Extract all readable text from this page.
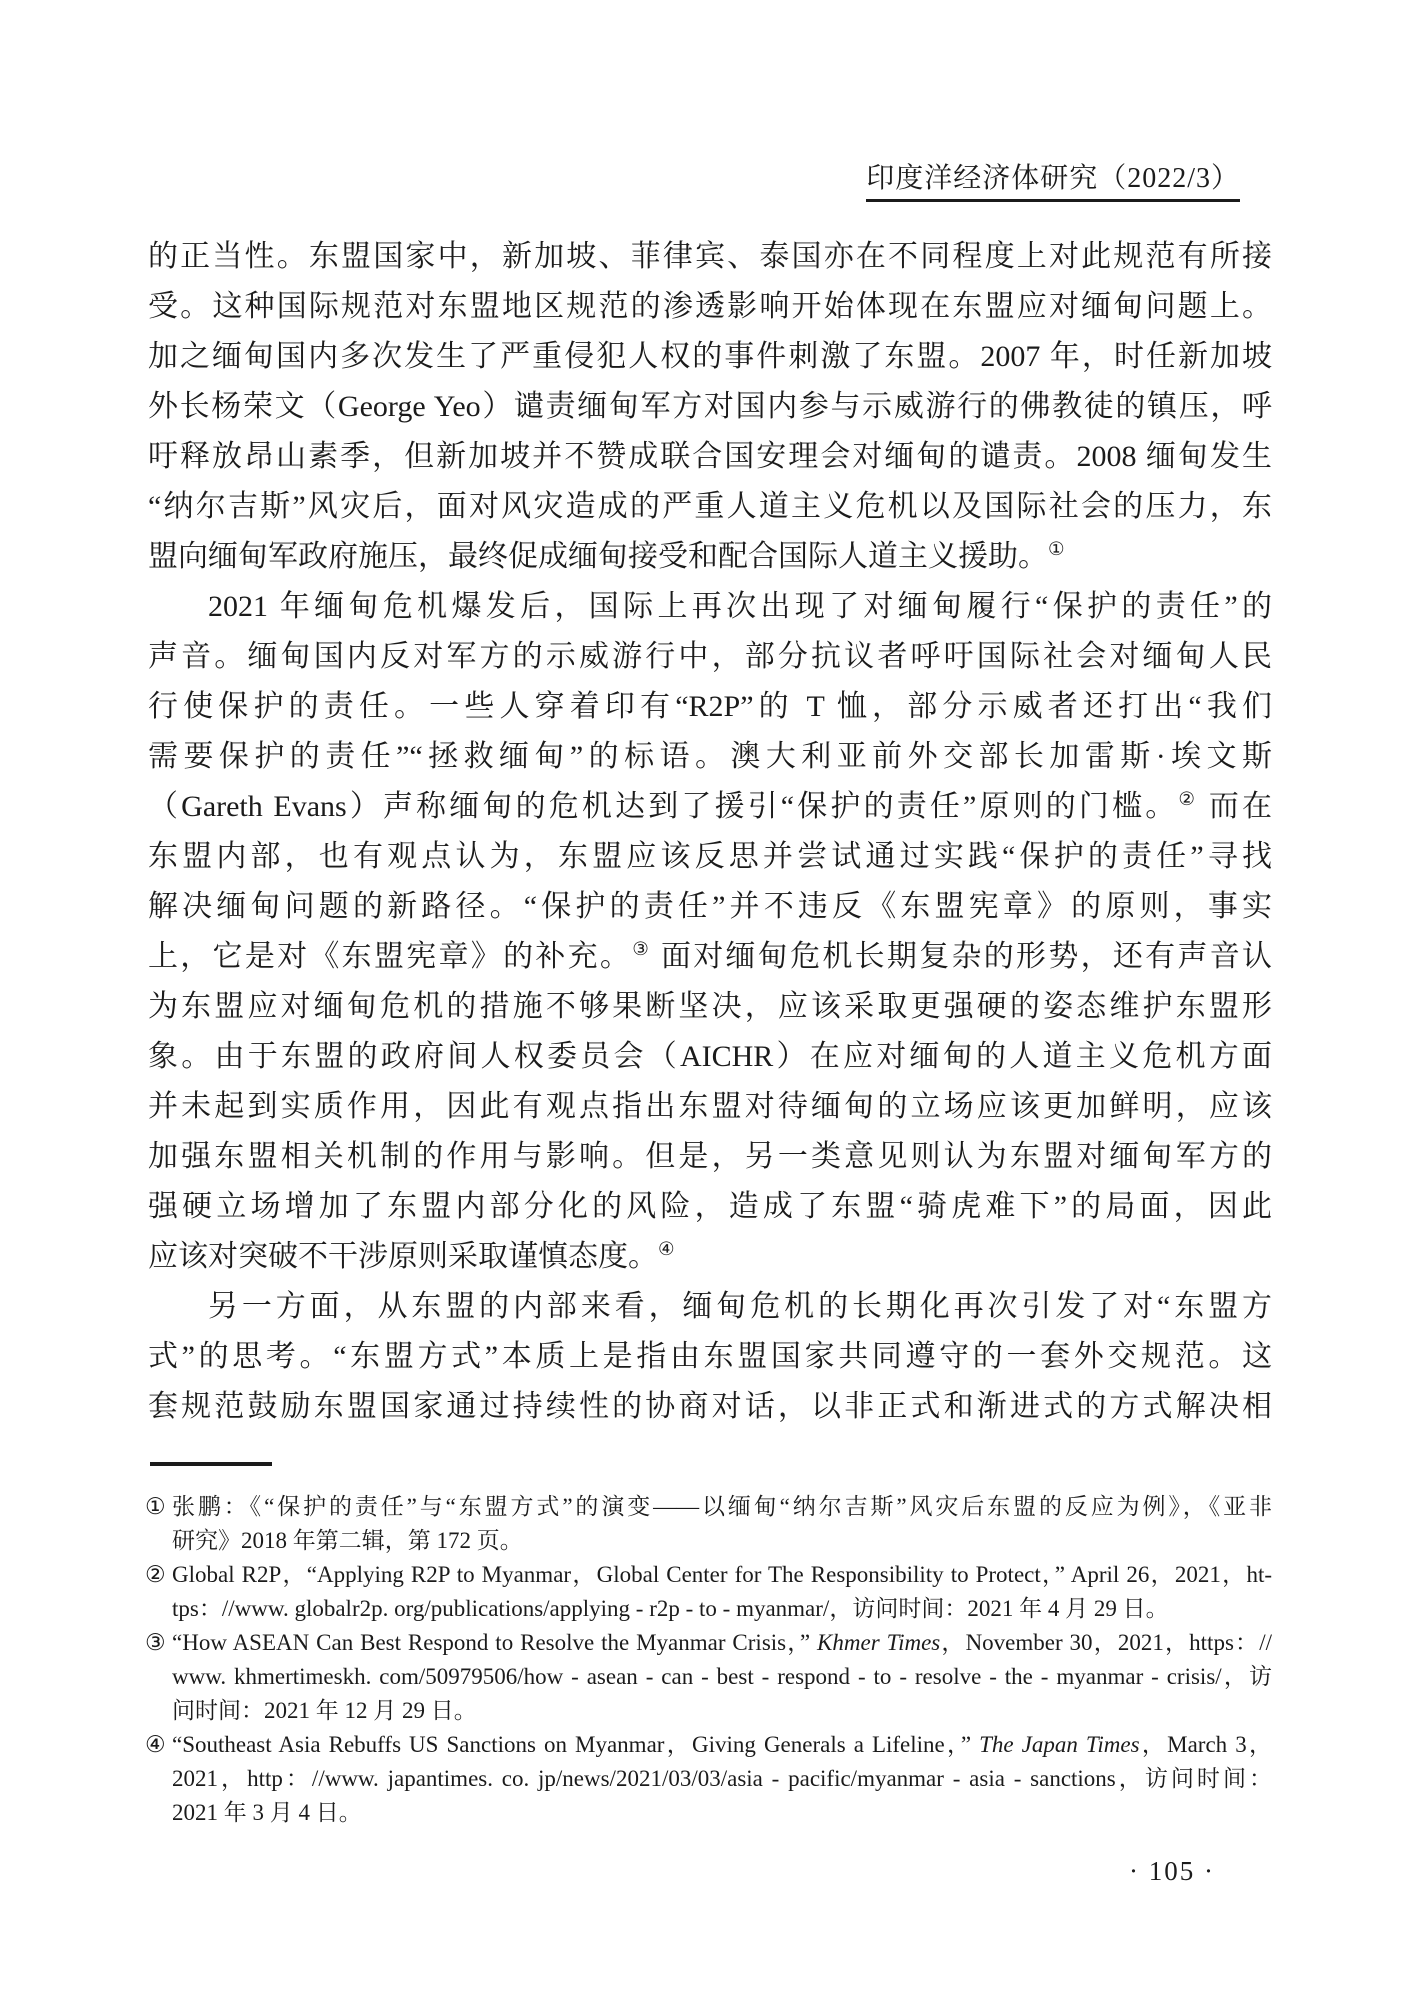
印度洋经济体研究（2022/3）
的正当性。东盟国家中，新加坡、菲律宾、泰国亦在不同程度上对此规范有所接
受。这种国际规范对东盟地区规范的渗透影响开始体现在东盟应对缅甸问题上。
加之缅甸国内多次发生了严重侵犯人权的事件刺激了东盟。2007 年，时任新加坡
外长杨荣文（George Yeo）谴责缅甸军方对国内参与示威游行的佛教徒的镇压，呼
吁释放昂山素季，但新加坡并不赞成联合国安理会对缅甸的谴责。2008 缅甸发生
“纳尔吉斯”风灾后，面对风灾造成的严重人道主义危机以及国际社会的压力，东
盟向缅甸军政府施压，最终促成缅甸接受和配合国际人道主义援助。①
2021 年缅甸危机爆发后，国际上再次出现了对缅甸履行“保护的责任”的
声音。缅甸国内反对军方的示威游行中，部分抗议者呼吁国际社会对缅甸人民
行使保护的责任。一些人穿着印有“R2P”的 T 恤，部分示威者还打出“我们
需要保护的责任”“拯救缅甸”的标语。澳大利亚前外交部长加雷斯·埃文斯
（Gareth Evans）声称缅甸的危机达到了援引“保护的责任”原则的门槛。② 而在
东盟内部，也有观点认为，东盟应该反思并尝试通过实践“保护的责任”寻找
解决缅甸问题的新路径。“保护的责任”并不违反《东盟宪章》的原则，事实
上，它是对《东盟宪章》的补充。③ 面对缅甸危机长期复杂的形势，还有声音认
为东盟应对缅甸危机的措施不够果断坚决，应该采取更强硬的姿态维护东盟形
象。由于东盟的政府间人权委员会（AICHR）在应对缅甸的人道主义危机方面
并未起到实质作用，因此有观点指出东盟对待缅甸的立场应该更加鲜明，应该
加强东盟相关机制的作用与影响。但是，另一类意见则认为东盟对缅甸军方的
强硬立场增加了东盟内部分化的风险，造成了东盟“骑虎难下”的局面，因此
应该对突破不干涉原则采取谨慎态度。④
另一方面，从东盟的内部来看，缅甸危机的长期化再次引发了对“东盟方
式”的思考。“东盟方式”本质上是指由东盟国家共同遵守的一套外交规范。这
套规范鼓励东盟国家通过持续性的协商对话，以非正式和渐进式的方式解决相
① 张鹏：《“保护的责任”与“东盟方式”的演变——以缅甸“纳尔吉斯”风灾后东盟的反应为例》，《亚非
研究》2018 年第二辑，第 172 页。
② Global R2P，“Applying R2P to Myanmar，Global Center for The Responsibility to Protect，” April 26，2021，ht-
tps：//www. globalr2p. org/publications/applying - r2p - to - myanmar/，访问时间：2021 年 4 月 29 日。
③ “How ASEAN Can Best Respond to Resolve the Myanmar Crisis，” Khmer Times，November 30，2021，https：//
www. khmertimeskh. com/50979506/how - asean - can - best - respond - to - resolve - the - myanmar - crisis/，访
问时间：2021 年 12 月 29 日。
④ “Southeast Asia Rebuffs US Sanctions on Myanmar，Giving Generals a Lifeline，” The Japan Times，March 3，
2021，http：//www. japantimes. co. jp/news/2021/03/03/asia - pacific/myanmar - asia - sanctions，访问时间：
2021 年 3 月 4 日。
· 105 ·
